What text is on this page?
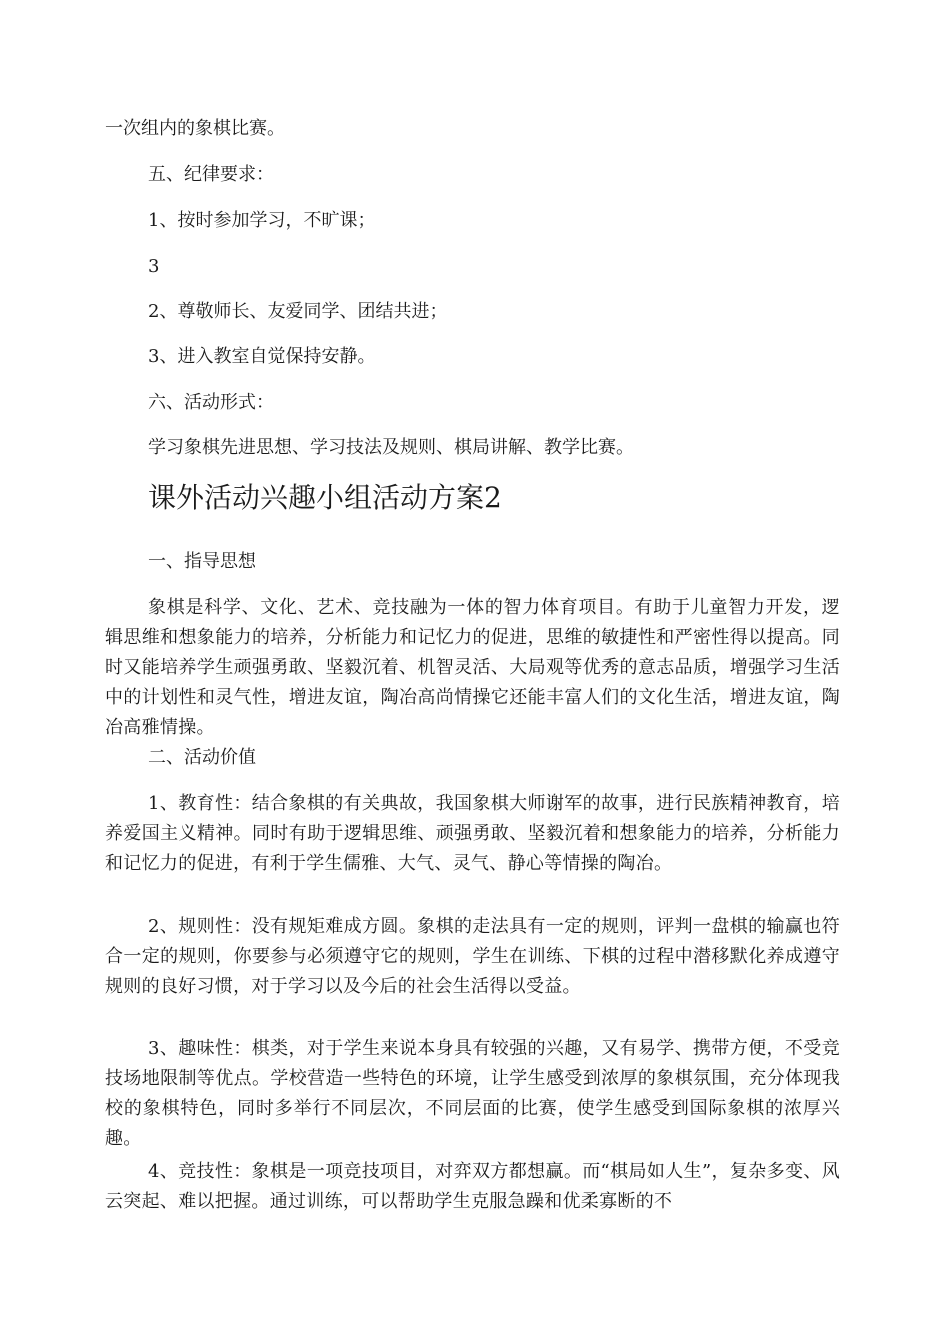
一次组内的象棋比赛。
五、纪律要求：
1、按时参加学习，不旷课；
3
2、尊敬师长、友爱同学、团结共进；
3、进入教室自觉保持安静。
六、活动形式：
学习象棋先进思想、学习技法及规则、棋局讲解、教学比赛。
课外活动兴趣小组活动方案2
一、指导思想
象棋是科学、文化、艺术、竞技融为一体的智力体育项目。有助于儿童智力开发，逻辑思维和想象能力的培养，分析能力和记忆力的促进，思维的敏捷性和严密性得以提高。同时又能培养学生顽强勇敢、坚毅沉着、机智灵活、大局观等优秀的意志品质，增强学习生活中的计划性和灵气性，增进友谊，陶冶高尚情操它还能丰富人们的文化生活，增进友谊，陶冶高雅情操。
二、活动价值
1、教育性：结合象棋的有关典故，我国象棋大师谢军的故事，进行民族精神教育，培养爱国主义精神。同时有助于逻辑思维、顽强勇敢、坚毅沉着和想象能力的培养，分析能力和记忆力的促进，有利于学生儒雅、大气、灵气、静心等情操的陶冶。
2、规则性：没有规矩难成方圆。象棋的走法具有一定的规则，评判一盘棋的输赢也符合一定的规则，你要参与必须遵守它的规则，学生在训练、下棋的过程中潜移默化养成遵守规则的良好习惯，对于学习以及今后的社会生活得以受益。
3、趣味性：棋类，对于学生来说本身具有较强的兴趣，又有易学、携带方便，不受竞技场地限制等优点。学校营造一些特色的环境，让学生感受到浓厚的象棋氛围，充分体现我校的象棋特色，同时多举行不同层次，不同层面的比赛，使学生感受到国际象棋的浓厚兴趣。
4、竞技性：象棋是一项竞技项目，对弈双方都想赢。而“棋局如人生”，复杂多变、风云突起、难以把握。通过训练，可以帮助学生克服急躁和优柔寡断的不
